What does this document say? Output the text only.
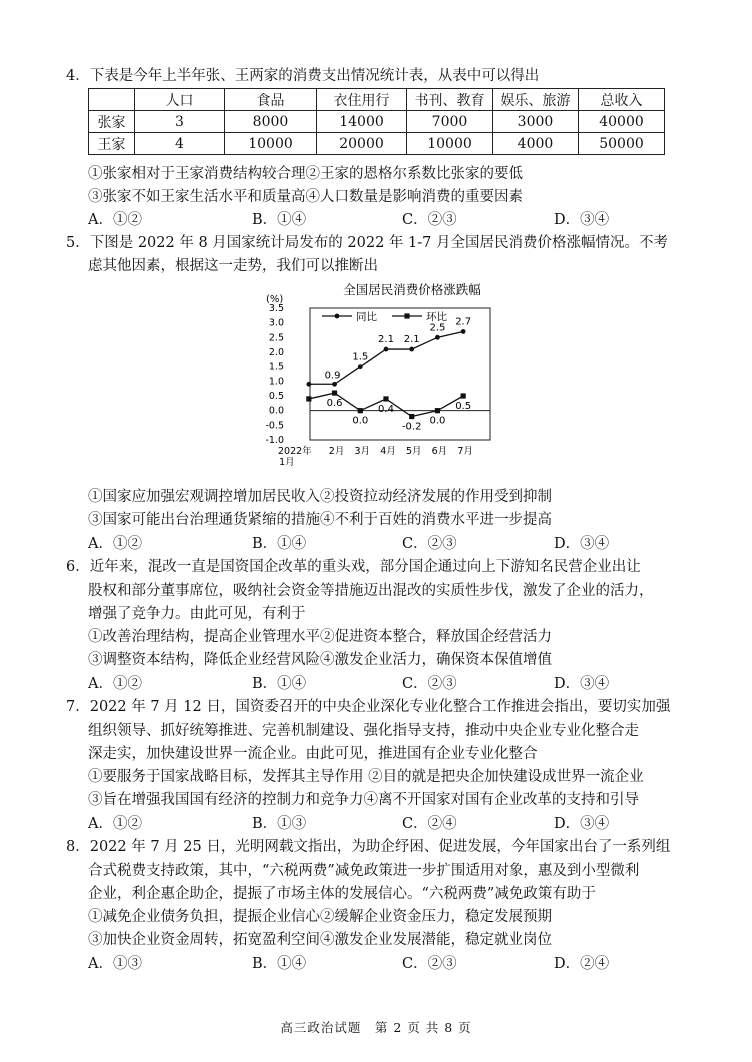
4．下表是今年上半年张、王两家的消费支出情况统计表，从表中可以得出
	人口	食品	衣住用行	书刊、教育	娱乐、旅游	总收入
张家	3	8000	14000	7000	3000	40000
王家	4	10000	20000	10000	4000	50000
①张家相对于王家消费结构较合理②王家的恩格尔系数比张家的要低
③张家不如王家生活水平和质量高④人口数量是影响消费的重要因素
A．①②	B．①④	C．②③	D．③④
5．下图是 2022 年 8 月国家统计局发布的 2022 年 1-7 月全国居民消费价格涨幅情况。不考
虑其他因素，根据这一走势，我们可以推断出
全国居民消费价格涨跌幅
(%)
3.5
3.0
2.5
2.0
1.5
1.0
0.5
0.0
-0.5
-1.0
2022年
1月
2月 3月 4月 5月 6月 7月
0.9
1.5
2.1 2.1
2.5
2.7
0.6
0.0
0.4
-0.2
0.0
0.5
同比	环比
①国家应加强宏观调控增加居民收入②投资拉动经济发展的作用受到抑制
③国家可能出台治理通货紧缩的措施④不利于百姓的消费水平进一步提高
A．①②	B．①④	C．②③	D．③④
6．近年来，混改一直是国资国企改革的重头戏，部分国企通过向上下游知名民营企业出让
股权和部分董事席位，吸纳社会资金等措施迈出混改的实质性步伐，激发了企业的活力，
增强了竞争力。由此可见，有利于
①改善治理结构，提高企业管理水平②促进资本整合，释放国企经营活力
③调整资本结构，降低企业经营风险④激发企业活力，确保资本保值增值
A．①②	B．①④	C．②③	D．③④
7．2022 年 7 月 12 日，国资委召开的中央企业深化专业化整合工作推进会指出，要切实加强
组织领导、抓好统筹推进、完善机制建设、强化指导支持，推动中央企业专业化整合走
深走实，加快建设世界一流企业。由此可见，推进国有企业专业化整合
①要服务于国家战略目标，发挥其主导作用 ②目的就是把央企加快建设成世界一流企业
③旨在增强我国国有经济的控制力和竞争力④离不开国家对国有企业改革的支持和引导
A．①②	B．①③	C．②④	D．③④
8．2022 年 7 月 25 日，光明网载文指出，为助企纾困、促进发展，今年国家出台了一系列组
合式税费支持政策，其中，“六税两费”减免政策进一步扩围适用对象，惠及到小型微利
企业，利企惠企助企，提振了市场主体的发展信心。“六税两费”减免政策有助于
①减免企业债务负担，提振企业信心②缓解企业资金压力，稳定发展预期
③加快企业资金周转，拓宽盈利空间④激发企业发展潜能，稳定就业岗位
A．①③	B．①④	C．②③	D．②④
高三政治试题　第 2 页 共 8 页
